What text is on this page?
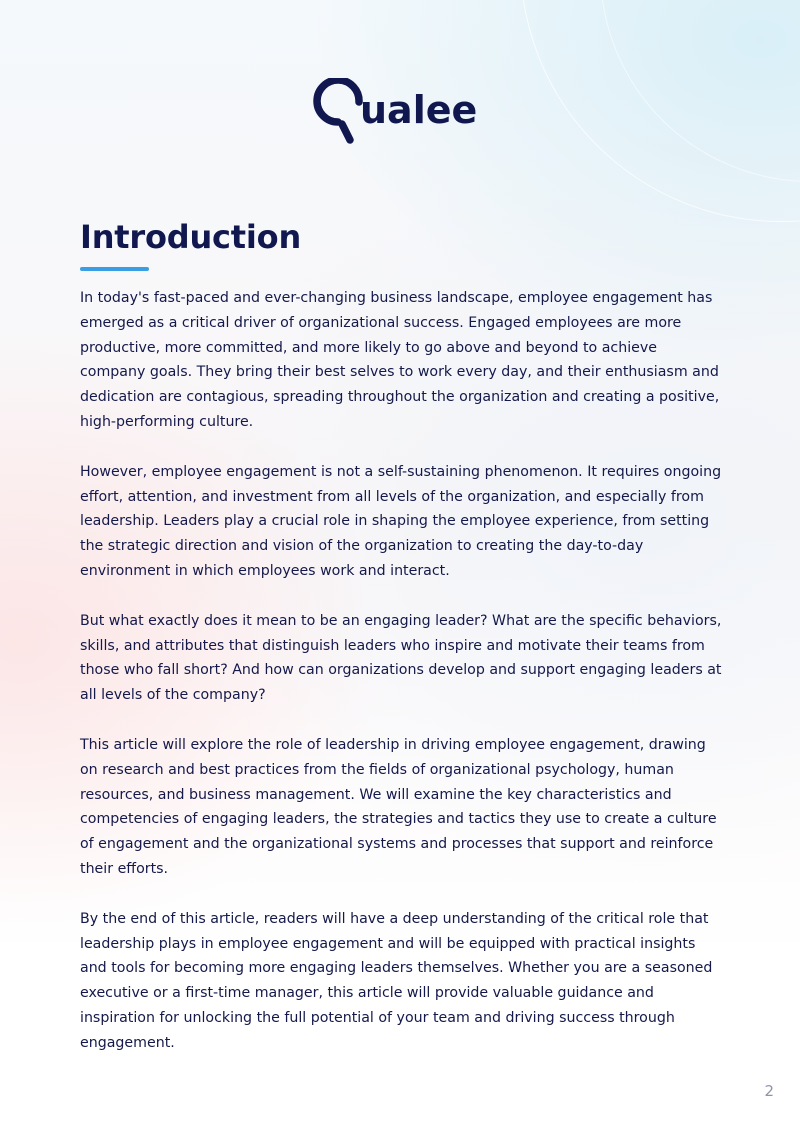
ualee
Introduction

In today's fast-paced and ever-changing business landscape, employee engagement has emerged as a critical driver of organizational success. Engaged employees are more productive, more committed, and more likely to go above and beyond to achieve company goals. They bring their best selves to work every day, and their enthusiasm and dedication are contagious, spreading throughout the organization and creating a positive, high-performing culture.

However, employee engagement is not a self-sustaining phenomenon. It requires ongoing effort, attention, and investment from all levels of the organization, and especially from leadership. Leaders play a crucial role in shaping the employee experience, from setting the strategic direction and vision of the organization to creating the day-to-day environment in which employees work and interact.

But what exactly does it mean to be an engaging leader? What are the specific behaviors, skills, and attributes that distinguish leaders who inspire and motivate their teams from those who fall short? And how can organizations develop and support engaging leaders at all levels of the company?

This article will explore the role of leadership in driving employee engagement, drawing on research and best practices from the fields of organizational psychology, human resources, and business management. We will examine the key characteristics and competencies of engaging leaders, the strategies and tactics they use to create a culture of engagement and the organizational systems and processes that support and reinforce their efforts.

By the end of this article, readers will have a deep understanding of the critical role that leadership plays in employee engagement and will be equipped with practical insights and tools for becoming more engaging leaders themselves. Whether you are a seasoned executive or a first-time manager, this article will provide valuable guidance and inspiration for unlocking the full potential of your team and driving success through engagement.

2
